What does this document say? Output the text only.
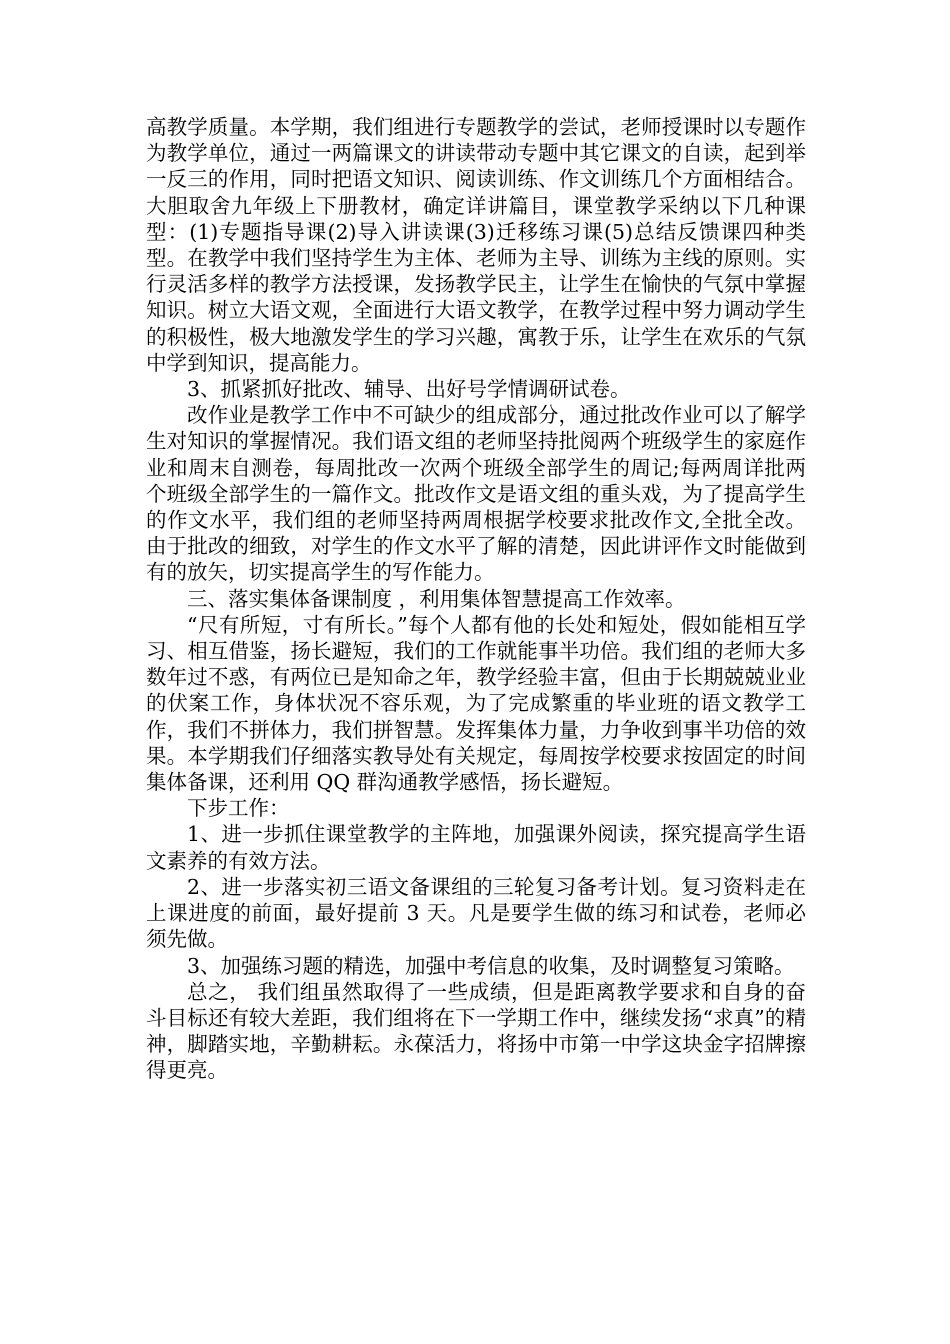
高教学质量。本学期，我们组进行专题教学的尝试，老师授课时以专题作为教学单位，通过一两篇课文的讲读带动专题中其它课文的自读，起到举一反三的作用，同时把语文知识、阅读训练、作文训练几个方面相结合。大胆取舍九年级上下册教材，确定详讲篇目，课堂教学采纳以下几种课型：(1)专题指导课(2)导入讲读课(3)迁移练习课(5)总结反馈课四种类型。在教学中我们坚持学生为主体、老师为主导、训练为主线的原则。实行灵活多样的教学方法授课，发扬教学民主，让学生在愉快的气氛中掌握知识。树立大语文观，全面进行大语文教学，在教学过程中努力调动学生的积极性，极大地激发学生的学习兴趣，寓教于乐，让学生在欢乐的气氛中学到知识，提高能力。

3、抓紧抓好批改、辅导、出好号学情调研试卷。

改作业是教学工作中不可缺少的组成部分，通过批改作业可以了解学生对知识的掌握情况。我们语文组的老师坚持批阅两个班级学生的家庭作业和周末自测卷，每周批改一次两个班级全部学生的周记;每两周详批两个班级全部学生的一篇作文。批改作文是语文组的重头戏，为了提高学生的作文水平，我们组的老师坚持两周根据学校要求批改作文,全批全改。由于批改的细致，对学生的作文水平了解的清楚，因此讲评作文时能做到有的放矢，切实提高学生的写作能力。

三、落实集体备课制度 ，利用集体智慧提高工作效率。

“尺有所短，寸有所长。”每个人都有他的长处和短处，假如能相互学习、相互借鉴，扬长避短，我们的工作就能事半功倍。我们组的老师大多数年过不惑，有两位已是知命之年，教学经验丰富，但由于长期兢兢业业的伏案工作，身体状况不容乐观，为了完成繁重的毕业班的语文教学工作，我们不拼体力，我们拼智慧。发挥集体力量，力争收到事半功倍的效果。本学期我们仔细落实教导处有关规定，每周按学校要求按固定的时间集体备课，还利用 QQ 群沟通教学感悟，扬长避短。

下步工作：

1、进一步抓住课堂教学的主阵地，加强课外阅读，探究提高学生语文素养的有效方法。

2、进一步落实初三语文备课组的三轮复习备考计划。复习资料走在上课进度的前面，最好提前 3 天。凡是要学生做的练习和试卷，老师必须先做。

3、加强练习题的精选，加强中考信息的收集，及时调整复习策略。

总之， 我们组虽然取得了一些成绩，但是距离教学要求和自身的奋斗目标还有较大差距，我们组将在下一学期工作中，继续发扬“求真”的精神，脚踏实地，辛勤耕耘。永葆活力，将扬中市第一中学这块金字招牌擦得更亮。
